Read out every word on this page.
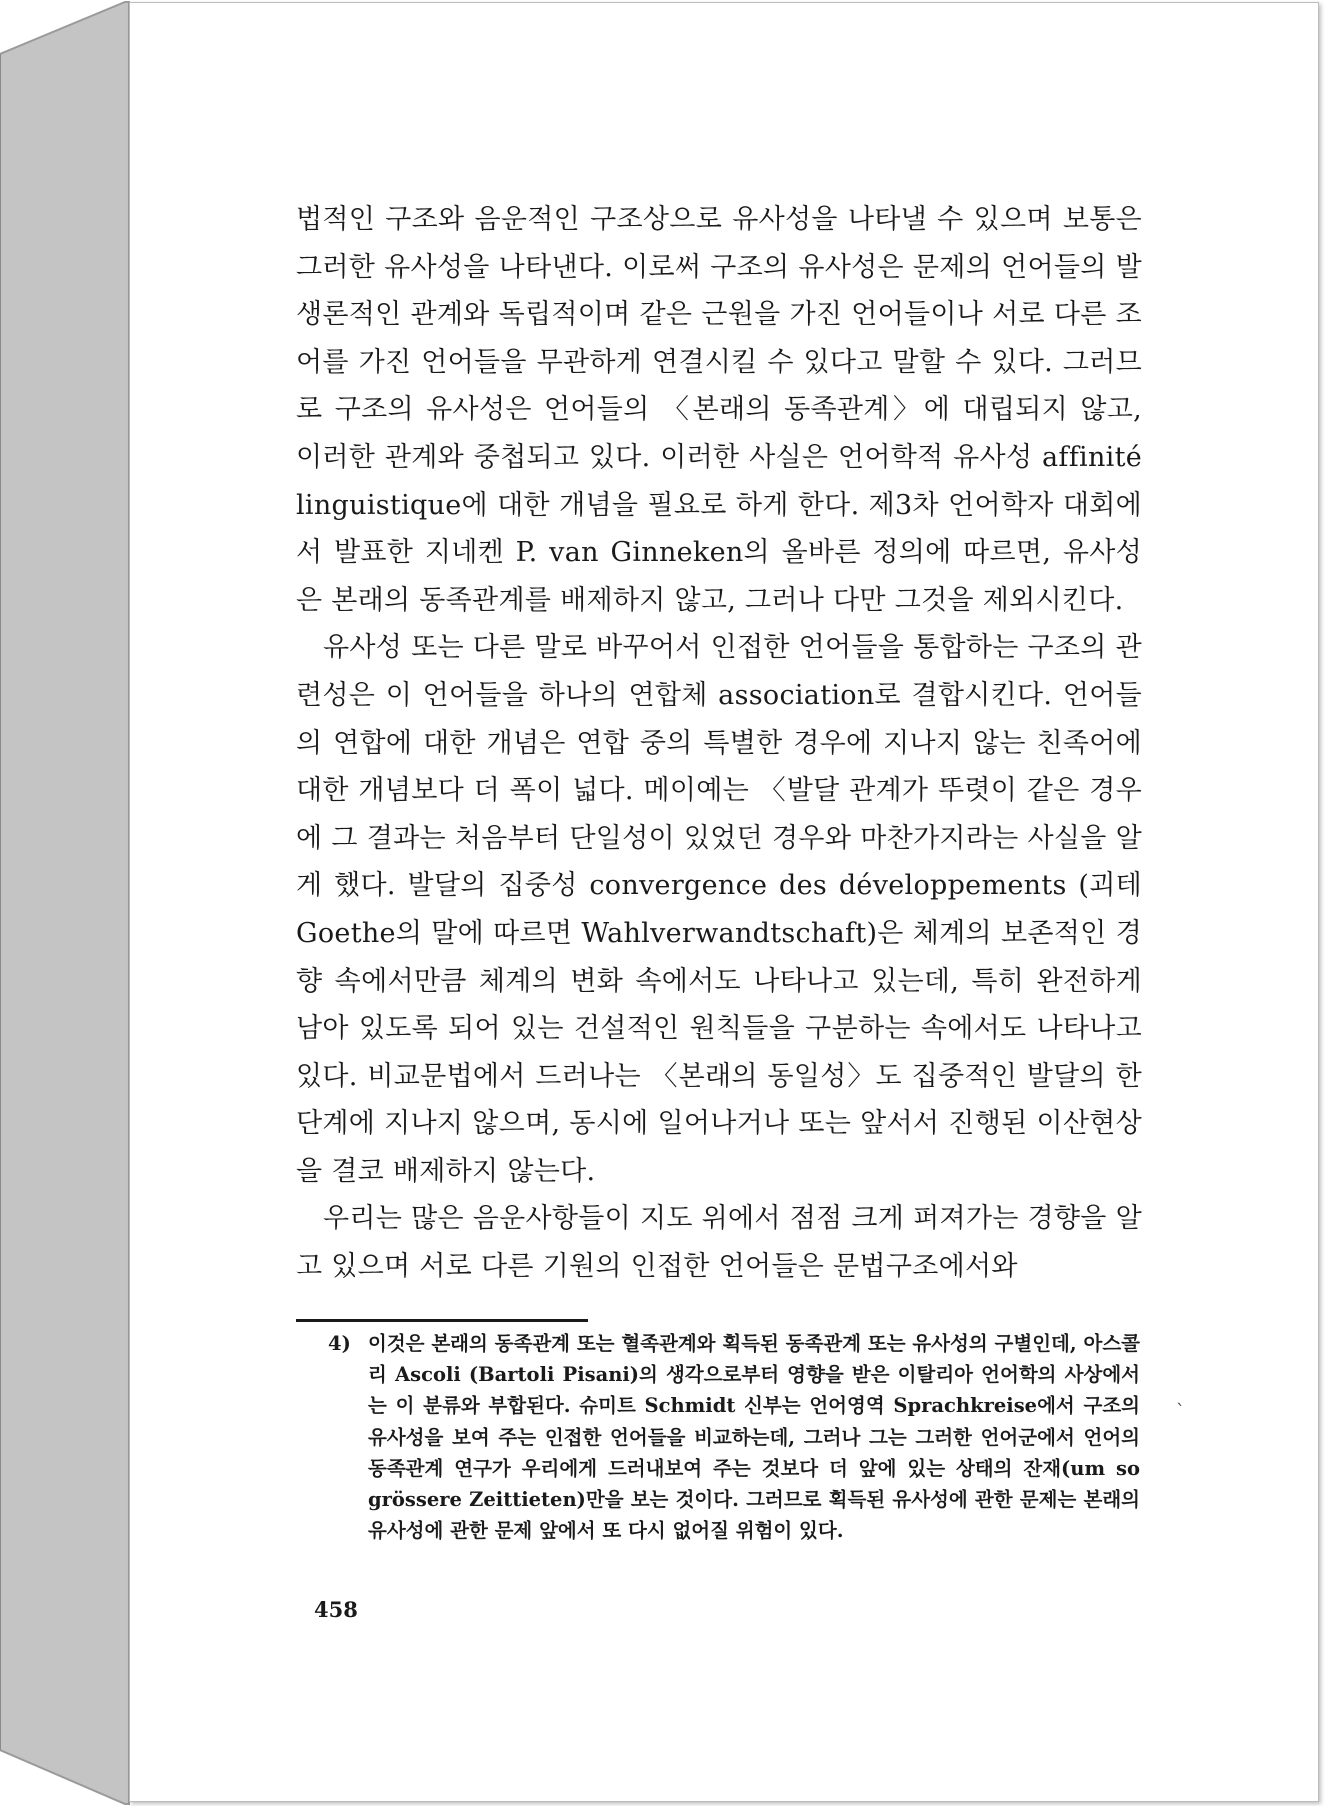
법적인 구조와 음운적인 구조상으로 유사성을 나타낼 수 있으며 보통은 그러한 유사성을 나타낸다. 이로써 구조의 유사성은 문제의 언어들의 발생론적인 관계와 독립적이며 같은 근원을 가진 언어들이나 서로 다른 조어를 가진 언어들을 무관하게 연결시킬 수 있다고 말할 수 있다. 그러므로 구조의 유사성은 언어들의 〈본래의 동족관계〉에 대립되지 않고, 이러한 관계와 중첩되고 있다. 이러한 사실은 언어학적 유사성 affinité linguistique에 대한 개념을 필요로 하게 한다. 제3차 언어학자 대회에서 발표한 지네켄 P. van Ginneken의 올바른 정의에 따르면, 유사성은 본래의 동족관계를 배제하지 않고, 그러나 다만 그것을 제외시킨다.

유사성 또는 다른 말로 바꾸어서 인접한 언어들을 통합하는 구조의 관련성은 이 언어들을 하나의 연합체 association로 결합시킨다. 언어들의 연합에 대한 개념은 연합 중의 특별한 경우에 지나지 않는 친족어에 대한 개념보다 더 폭이 넓다. 메이예는 〈발달 관계가 뚜렷이 같은 경우에 그 결과는 처음부터 단일성이 있었던 경우와 마찬가지라는 사실을 알게 했다. 발달의 집중성 convergence des développements (괴테 Goethe의 말에 따르면 Wahlverwandtschaft)은 체계의 보존적인 경향 속에서만큼 체계의 변화 속에서도 나타나고 있는데, 특히 완전하게 남아 있도록 되어 있는 건설적인 원칙들을 구분하는 속에서도 나타나고 있다. 비교문법에서 드러나는 〈본래의 동일성〉도 집중적인 발달의 한 단계에 지나지 않으며, 동시에 일어나거나 또는 앞서서 진행된 이산현상을 결코 배제하지 않는다.

우리는 많은 음운사항들이 지도 위에서 점점 크게 퍼져가는 경향을 알고 있으며 서로 다른 기원의 인접한 언어들은 문법구조에서와

4) 이것은 본래의 동족관계 또는 혈족관계와 획득된 동족관계 또는 유사성의 구별인데, 아스콜리 Ascoli (Bartoli Pisani)의 생각으로부터 영향을 받은 이탈리아 언어학의 사상에서는 이 분류와 부합된다. 슈미트 Schmidt 신부는 언어영역 Sprachkreise에서 구조의 유사성을 보여 주는 인접한 언어들을 비교하는데, 그러나 그는 그러한 언어군에서 언어의 동족관계 연구가 우리에게 드러내보여 주는 것보다 더 앞에 있는 상태의 잔재(um so grössere Zeittieten)만을 보는 것이다. 그러므로 획득된 유사성에 관한 문제는 본래의 유사성에 관한 문제 앞에서 또 다시 없어질 위험이 있다.

458
ˋ
